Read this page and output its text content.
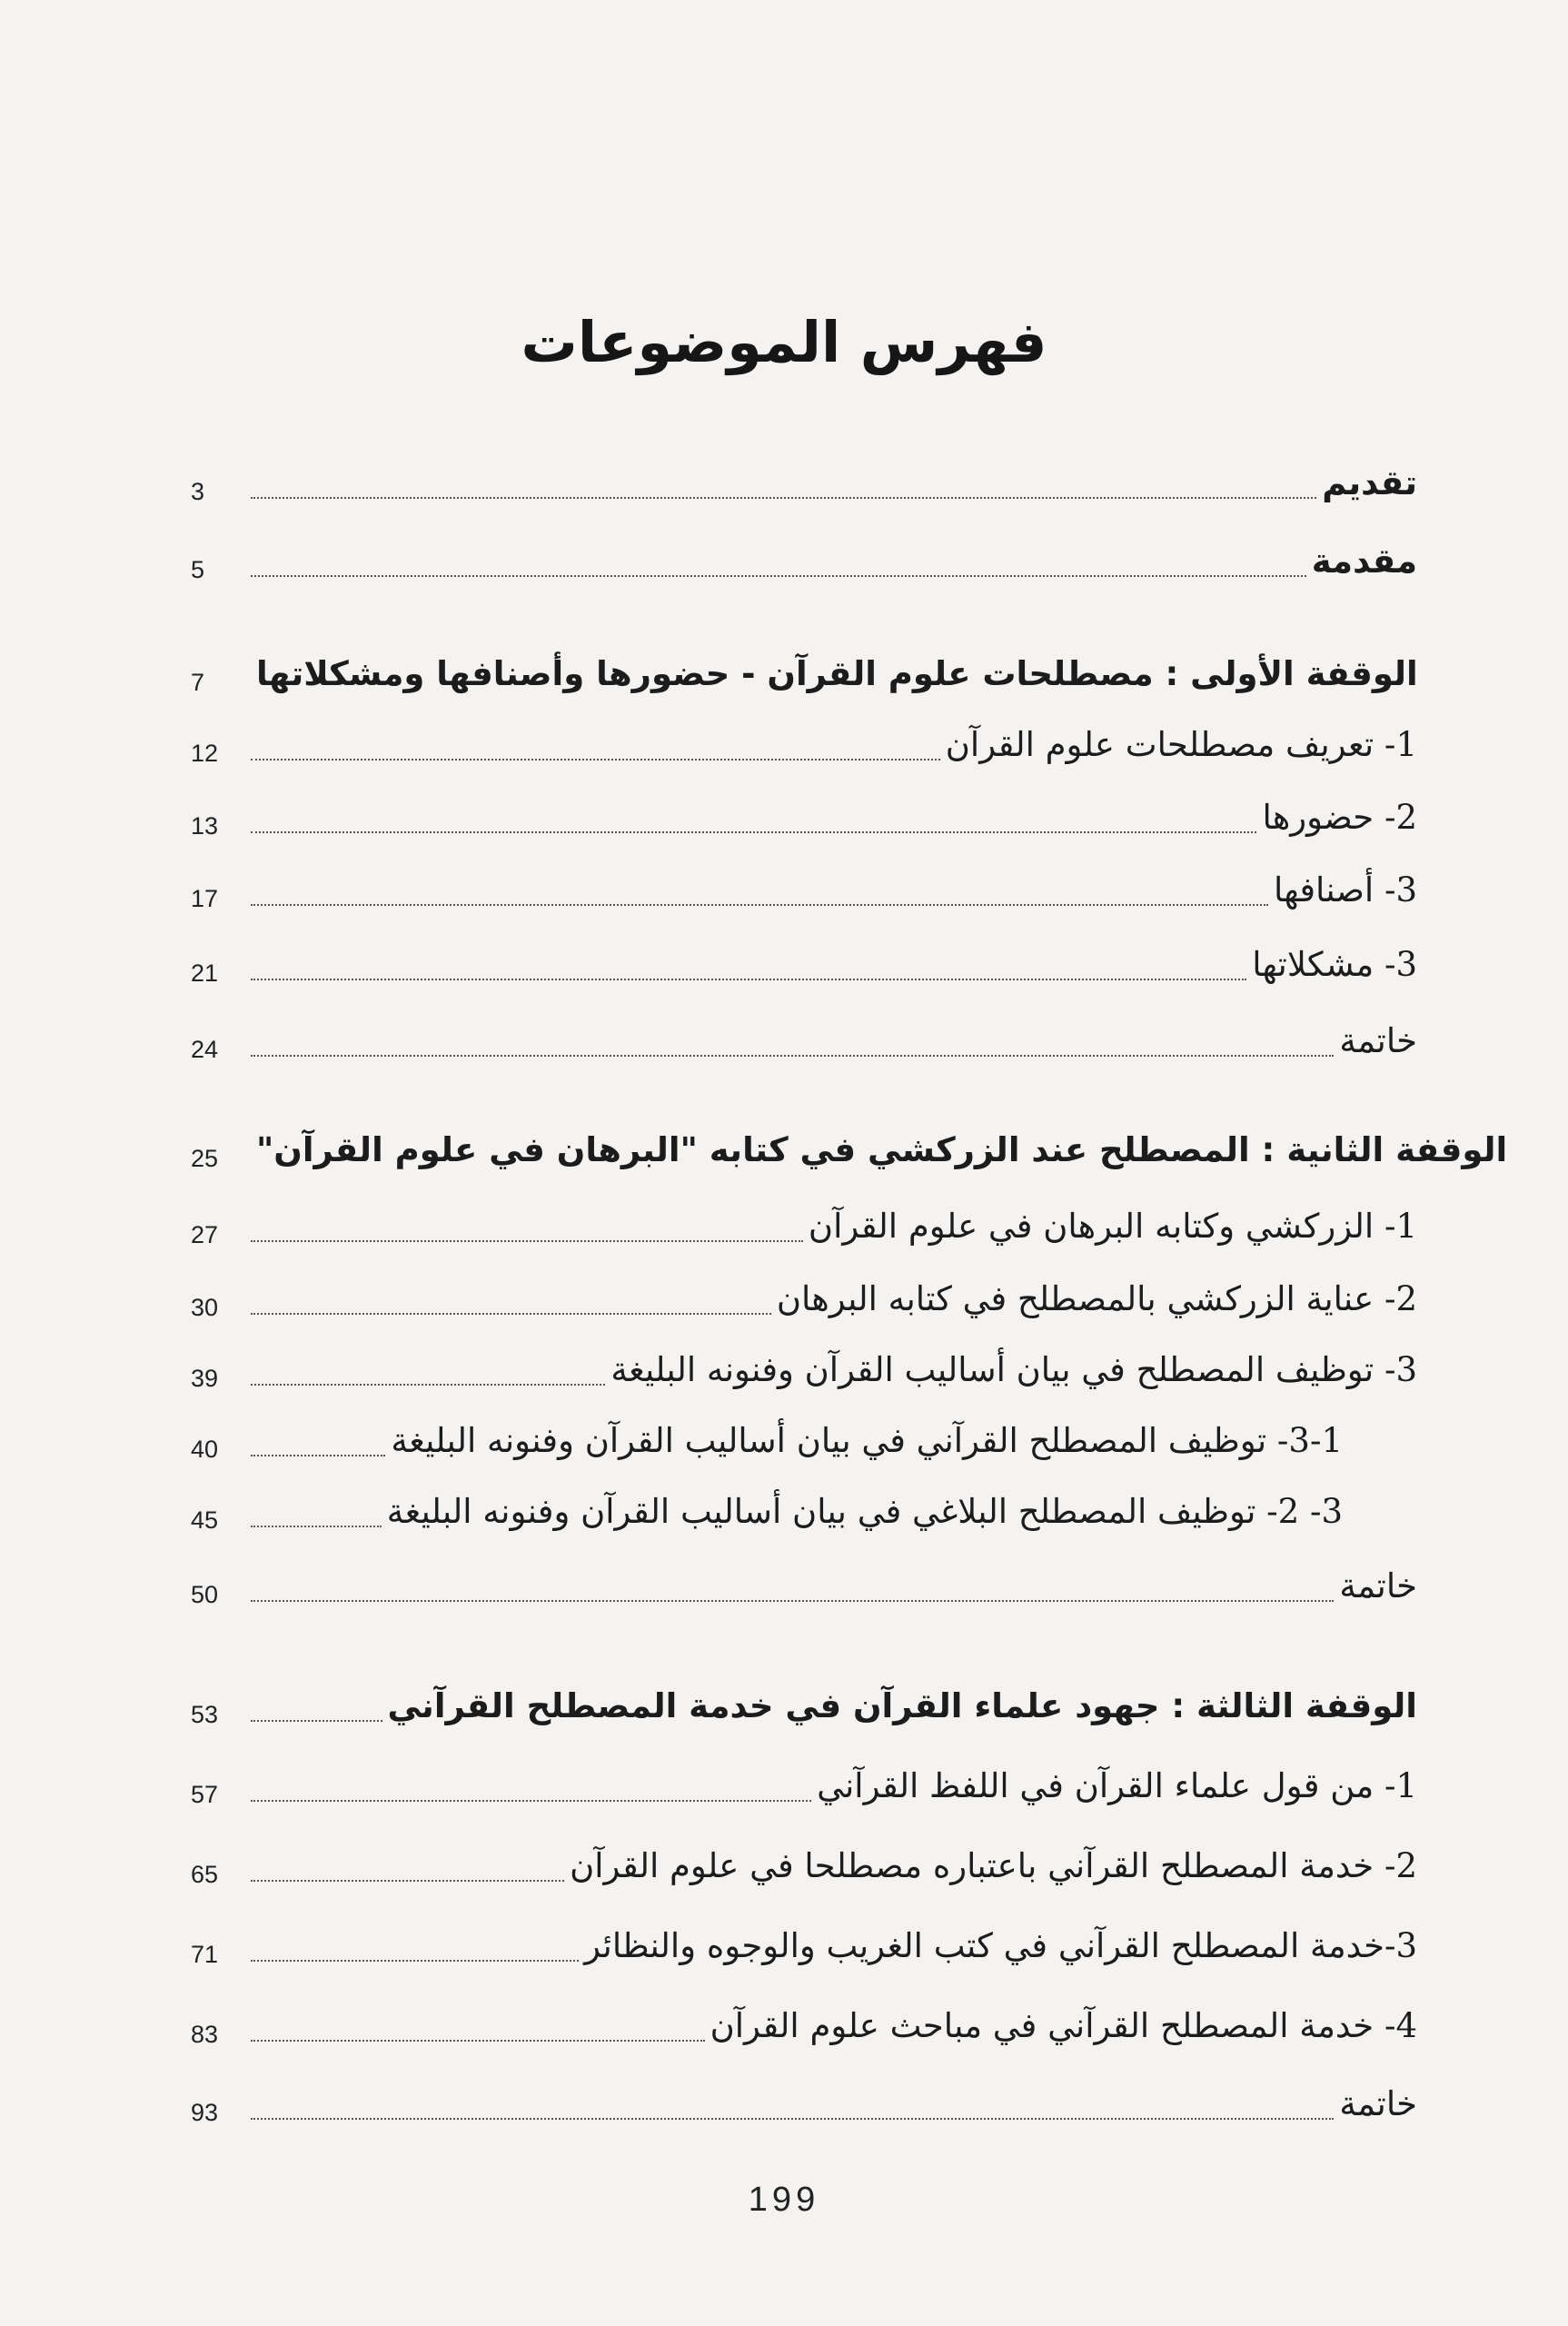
فهرس الموضوعات
3	تقديم
5	مقدمة
7	الوقفة الأولى : مصطلحات علوم القرآن - حضورها وأصنافها ومشكلاتها
12	1- تعريف مصطلحات علوم القرآن
13	2- حضورها
17	3- أصنافها
21	3- مشكلاتها
24	خاتمة
25	الوقفة الثانية : المصطلح عند الزركشي في كتابه "البرهان في علوم القرآن"
27	1- الزركشي وكتابه البرهان في علوم القرآن
30	2- عناية الزركشي بالمصطلح في كتابه البرهان
39	3- توظيف المصطلح في بيان أساليب القرآن وفنونه البليغة
40	3-1- توظيف المصطلح القرآني في بيان أساليب القرآن وفنونه البليغة
45	3- 2- توظيف المصطلح البلاغي في بيان أساليب القرآن وفنونه البليغة
50	خاتمة
53	الوقفة الثالثة : جهود علماء القرآن في خدمة المصطلح القرآني
57	1- من قول علماء القرآن في اللفظ القرآني
65	2- خدمة المصطلح القرآني باعتباره مصطلحا في علوم القرآن
71	3-خدمة المصطلح القرآني في كتب الغريب والوجوه والنظائر
83	4- خدمة المصطلح القرآني في مباحث علوم القرآن
93	خاتمة
199
